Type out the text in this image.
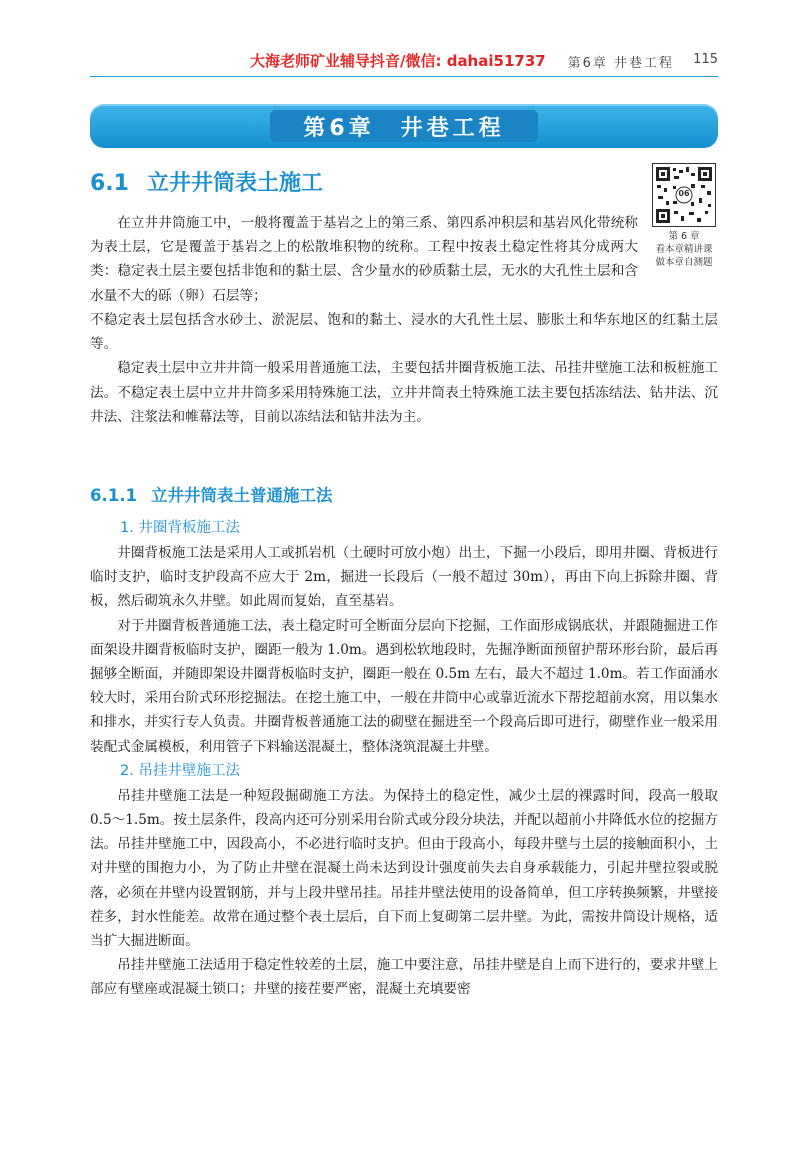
大海老师矿业辅导抖音/微信: dahai51737 第6章 井巷工程 115
第6章　井巷工程
6.1 立井井筒表土施工	06
第 6 章
看本章精讲课
做本章自测题

在立井井筒施工中，一般将覆盖于基岩之上的第三系、第四系冲积层和基岩风化带统称为表土层，它是覆盖于基岩之上的松散堆积物的统称。工程中按表土稳定性将其分成两大类：稳定表土层主要包括非饱和的黏土层、含少量水的砂质黏土层，无水的大孔性土层和含水量不大的砾（卵）石层等；

不稳定表土层包括含水砂土、淤泥层、饱和的黏土、浸水的大孔性土层、膨胀土和华东地区的红黏土层等。

稳定表土层中立井井筒一般采用普通施工法，主要包括井圈背板施工法、吊挂井壁施工法和板桩施工法。不稳定表土层中立井井筒多采用特殊施工法，立井井筒表土特殊施工法主要包括冻结法、钻井法、沉井法、注浆法和帷幕法等，目前以冻结法和钻井法为主。

6.1.1 立井井筒表土普通施工法
1. 井圈背板施工法

井圈背板施工法是采用人工或抓岩机（土硬时可放小炮）出土，下掘一小段后，即用井圈、背板进行临时支护，临时支护段高不应大于 2m，掘进一长段后（一般不超过 30m），再由下向上拆除井圈、背板，然后砌筑永久井壁。如此周而复始，直至基岩。

对于井圈背板普通施工法，表土稳定时可全断面分层向下挖掘，工作面形成锅底状，并跟随掘进工作面架设井圈背板临时支护，圈距一般为 1.0m。遇到松软地段时，先掘净断面预留护帮环形台阶，最后再掘够全断面，并随即架设井圈背板临时支护，圈距一般在 0.5m 左右，最大不超过 1.0m。若工作面涌水较大时，采用台阶式环形挖掘法。在挖土施工中，一般在井筒中心或靠近流水下帮挖超前水窝，用以集水和排水，并实行专人负责。井圈背板普通施工法的砌壁在掘进至一个段高后即可进行，砌壁作业一般采用装配式金属模板，利用管子下料输送混凝土，整体浇筑混凝土井壁。

2. 吊挂井壁施工法

吊挂井壁施工法是一种短段掘砌施工方法。为保持土的稳定性，减少土层的裸露时间，段高一般取 0.5～1.5m。按土层条件，段高内还可分别采用台阶式或分段分块法，并配以超前小井降低水位的挖掘方法。吊挂井壁施工中，因段高小，不必进行临时支护。但由于段高小，每段井壁与土层的接触面积小，土对井壁的围抱力小，为了防止井壁在混凝土尚未达到设计强度前失去自身承载能力，引起井壁拉裂或脱落，必须在井壁内设置钢筋，并与上段井壁吊挂。吊挂井壁法使用的设备简单，但工序转换频繁，井壁接茬多，封水性能差。故常在通过整个表土层后，自下而上复砌第二层井壁。为此，需按井筒设计规格，适当扩大掘进断面。

吊挂井壁施工法适用于稳定性较差的土层，施工中要注意，吊挂井壁是自上而下进行的，要求井壁上部应有壁座或混凝土锁口；井壁的接茬要严密，混凝土充填要密
